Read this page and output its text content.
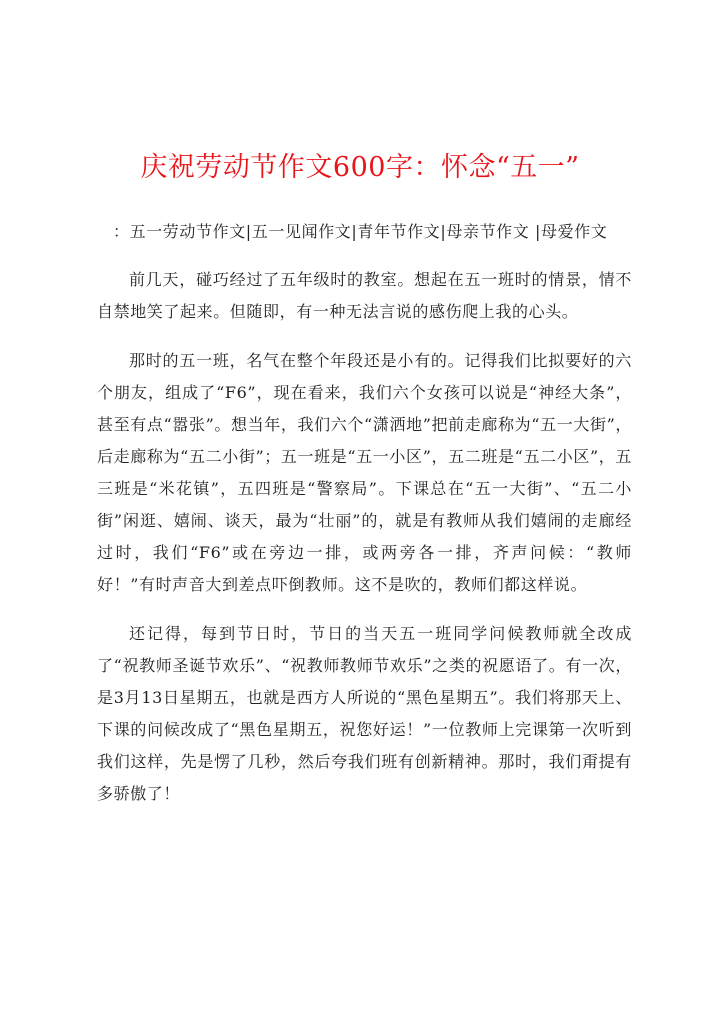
庆祝劳动节作文600字：怀念“五一”

：五一劳动节作文|五一见闻作文|青年节作文|母亲节作文 |母爱作文

前几天，碰巧经过了五年级时的教室。想起在五一班时的情景，情不自禁地笑了起来。但随即，有一种无法言说的感伤爬上我的心头。

那时的五一班，名气在整个年段还是小有的。记得我们比拟要好的六个朋友，组成了“F6”，现在看来，我们六个女孩可以说是“神经大条”，甚至有点“嚣张”。想当年，我们六个“潇洒地”把前走廊称为“五一大街”，后走廊称为“五二小街”；五一班是“五一小区”，五二班是“五二小区”，五三班是“米花镇”，五四班是“警察局”。下课总在“五一大街”、“五二小街”闲逛、嬉闹、谈天，最为“壮丽”的，就是有教师从我们嬉闹的走廊经过时，我们“F6”或在旁边一排，或两旁各一排，齐声问候：“教师好！”有时声音大到差点吓倒教师。这不是吹的，教师们都这样说。

还记得，每到节日时，节日的当天五一班同学问候教师就全改成了“祝教师圣诞节欢乐”、“祝教师教师节欢乐”之类的祝愿语了。有一次，是3月13日星期五，也就是西方人所说的“黑色星期五”。我们将那天上、下课的问候改成了“黑色星期五，祝您好运！”一位教师上完课第一次听到我们这样，先是愣了几秒，然后夸我们班有创新精神。那时，我们甭提有多骄傲了！
